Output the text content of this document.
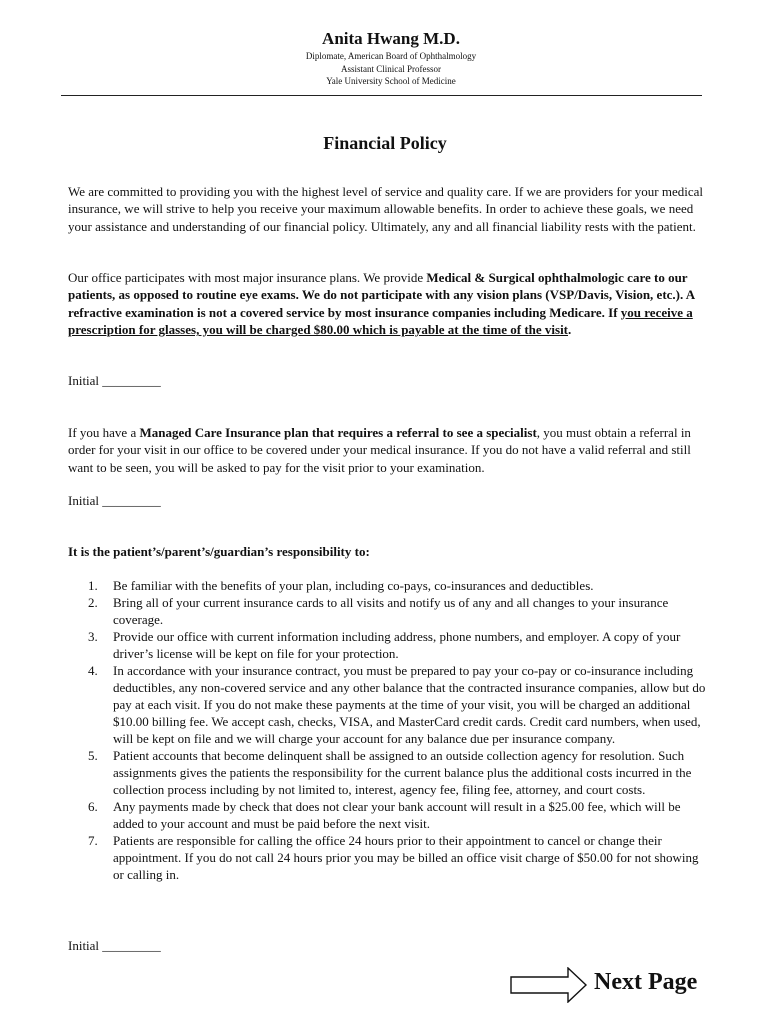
Anita Hwang M.D.
Diplomate, American Board of Ophthalmology
Assistant Clinical Professor
Yale University School of Medicine
Financial Policy
We are committed to providing you with the highest level of service and quality care. If we are providers for your medical insurance, we will strive to help you receive your maximum allowable benefits. In order to achieve these goals, we need your assistance and understanding of our financial policy. Ultimately, any and all financial liability rests with the patient.
Our office participates with most major insurance plans. We provide Medical & Surgical ophthalmologic care to our patients, as opposed to routine eye exams. We do not participate with any vision plans (VSP/Davis, Vision, etc.). A refractive examination is not a covered service by most insurance companies including Medicare. If you receive a prescription for glasses, you will be charged $80.00 which is payable at the time of the visit.
Initial _________
If you have a Managed Care Insurance plan that requires a referral to see a specialist, you must obtain a referral in order for your visit in our office to be covered under your medical insurance. If you do not have a valid referral and still want to be seen, you will be asked to pay for the visit prior to your examination.
Initial _________
It is the patient’s/parent’s/guardian’s responsibility to:
1. Be familiar with the benefits of your plan, including co-pays, co-insurances and deductibles.
2. Bring all of your current insurance cards to all visits and notify us of any and all changes to your insurance coverage.
3. Provide our office with current information including address, phone numbers, and employer. A copy of your driver’s license will be kept on file for your protection.
4. In accordance with your insurance contract, you must be prepared to pay your co-pay or co-insurance including deductibles, any non-covered service and any other balance that the contracted insurance companies, allow but do pay at each visit. If you do not make these payments at the time of your visit, you will be charged an additional $10.00 billing fee. We accept cash, checks, VISA, and MasterCard credit cards. Credit card numbers, when used, will be kept on file and we will charge your account for any balance due per insurance company.
5. Patient accounts that become delinquent shall be assigned to an outside collection agency for resolution. Such assignments gives the patients the responsibility for the current balance plus the additional costs incurred in the collection process including by not limited to, interest, agency fee, filing fee, attorney, and court costs.
6. Any payments made by check that does not clear your bank account will result in a $25.00 fee, which will be added to your account and must be paid before the next visit.
7. Patients are responsible for calling the office 24 hours prior to their appointment to cancel or change their appointment. If you do not call 24 hours prior you may be billed an office visit charge of $50.00 for not showing or calling in.
Initial _________
Next Page
